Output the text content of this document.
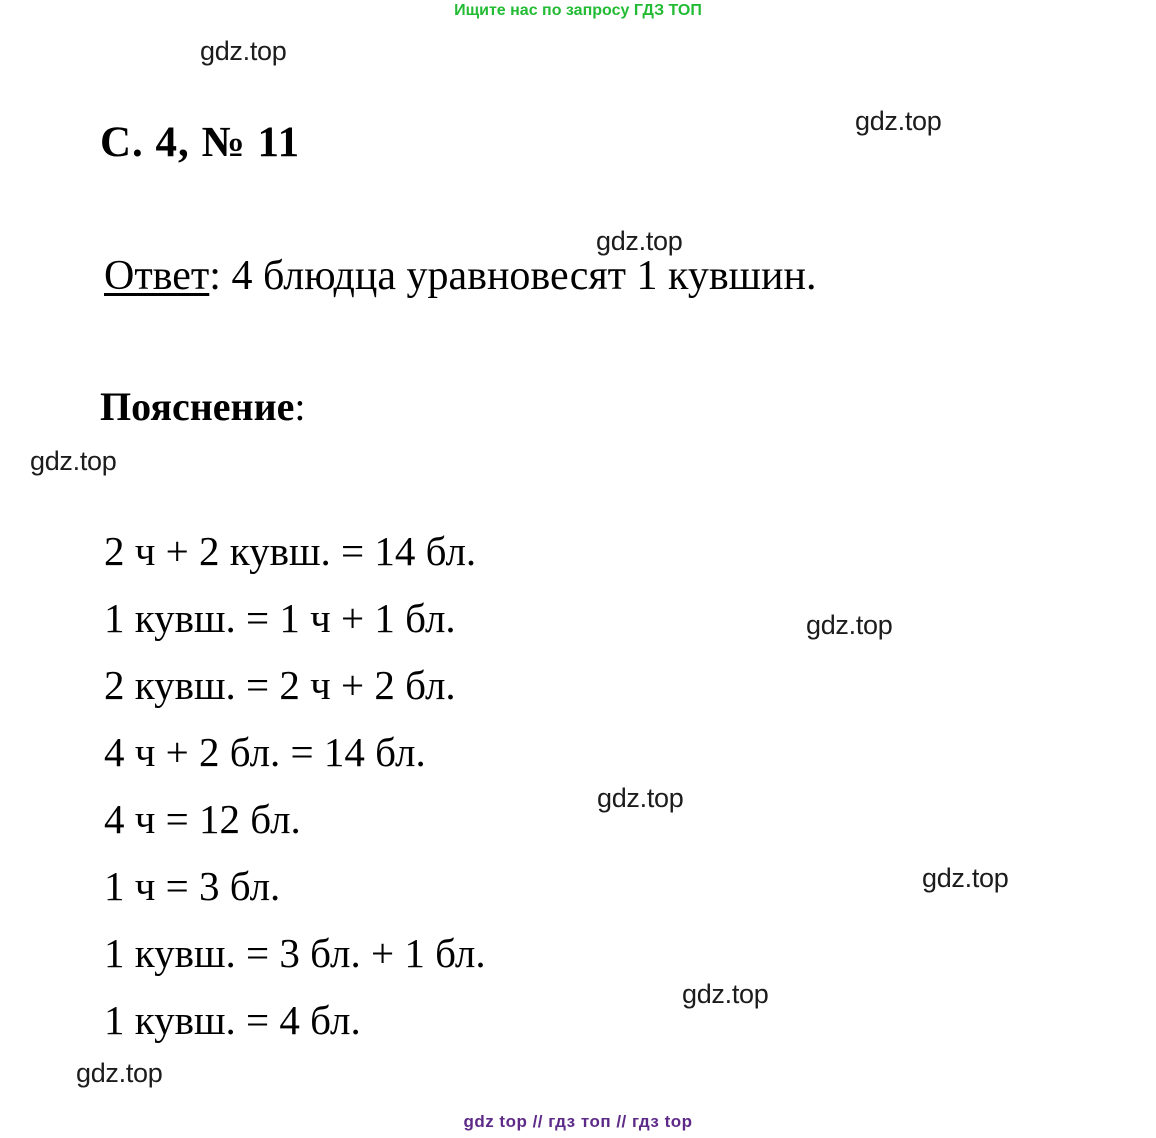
Ищите нас по запросу ГДЗ ТОП
С. 4, № 11
Ответ: 4 блюдца уравновесят 1 кувшин.
Пояснение:
2 ч + 2 кувш. = 14 бл.
1 кувш. = 1 ч + 1 бл.
2 кувш. = 2 ч + 2 бл.
4 ч + 2 бл. = 14 бл.
4 ч = 12 бл.
1 ч = 3 бл.
1 кувш. = 3 бл. + 1 бл.
1 кувш. = 4 бл.
gdz.top
gdz.top
gdz.top
gdz.top
gdz.top
gdz.top
gdz.top
gdz.top
gdz.top
gdz top // гдз топ // гдз top
